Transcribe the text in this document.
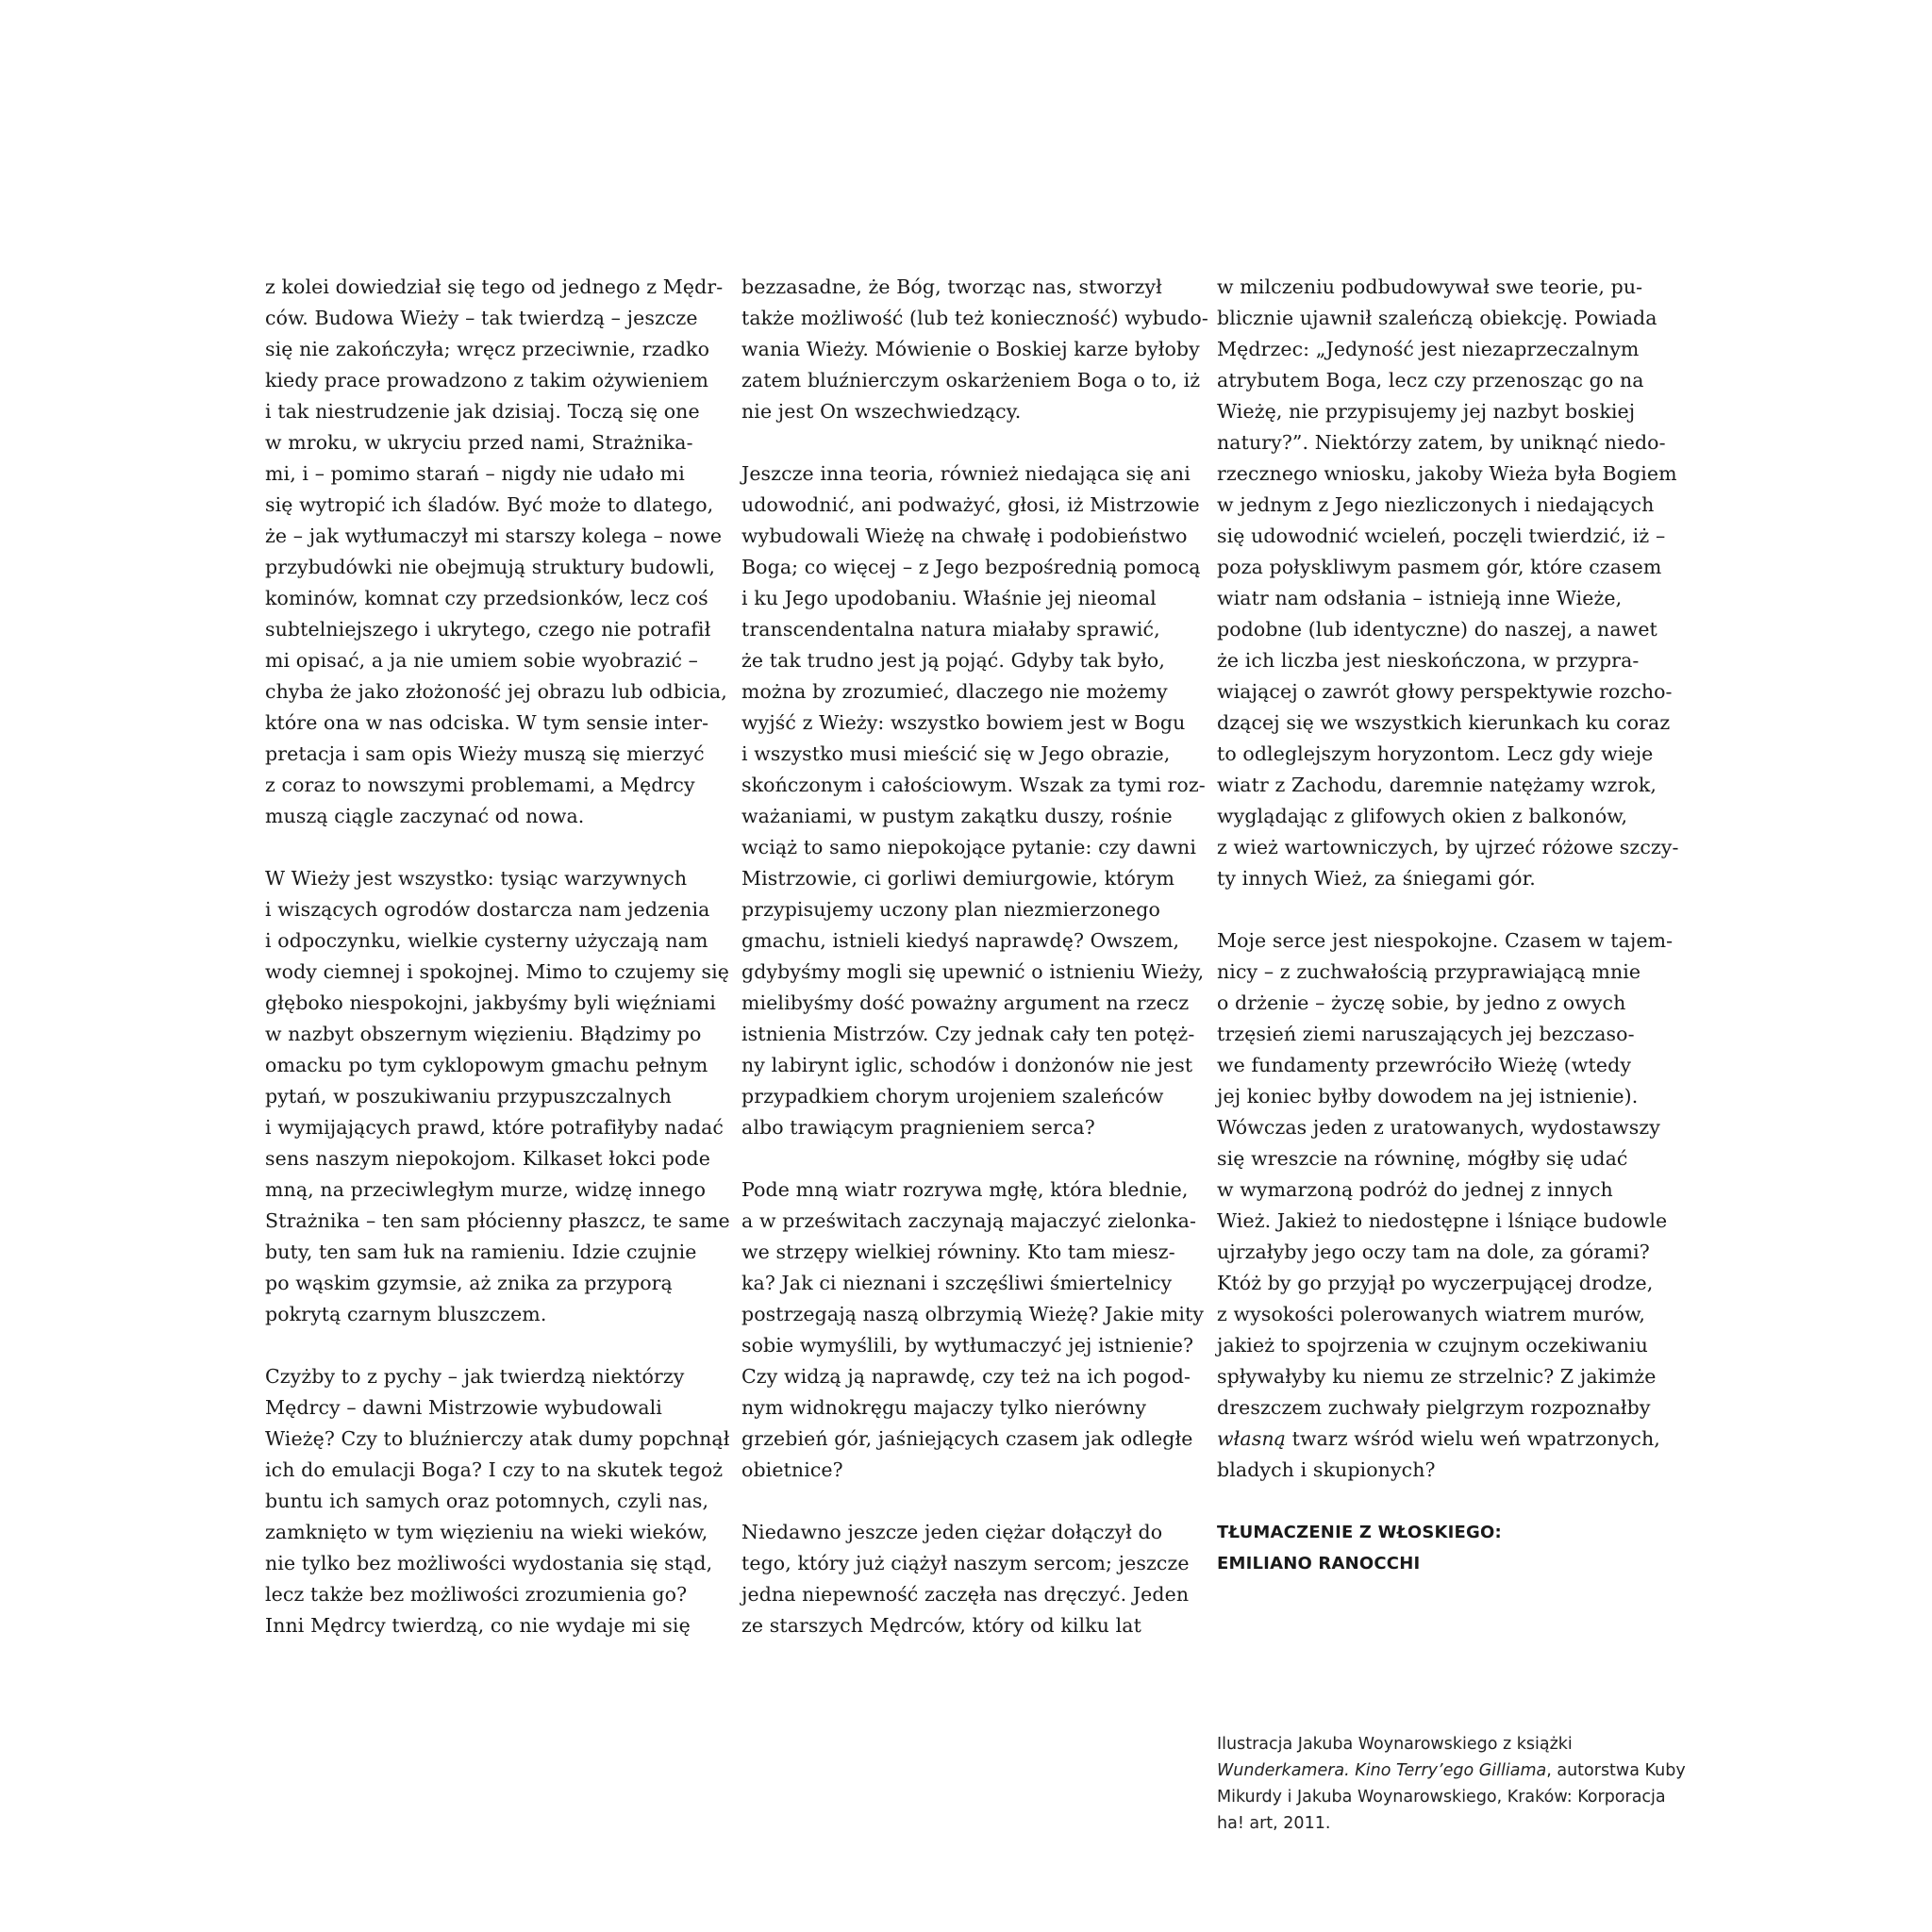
z kolei dowiedział się tego od jednego z Mędr-
ców. Budowa Wieży – tak twierdzą – jeszcze
się nie zakończyła; wręcz przeciwnie, rzadko
kiedy prace prowadzono z takim ożywieniem
i tak niestrudzenie jak dzisiaj. Toczą się one
w mroku, w ukryciu przed nami, Strażnika-
mi, i – pomimo starań – nigdy nie udało mi
się wytropić ich śladów. Być może to dlatego,
że – jak wytłumaczył mi starszy kolega – nowe
przybudówki nie obejmują struktury budowli,
kominów, komnat czy przedsionków, lecz coś
subtelniejszego i ukrytego, czego nie potrafił
mi opisać, a ja nie umiem sobie wyobrazić –
chyba że jako złożoność jej obrazu lub odbicia,
które ona w nas odciska. W tym sensie inter-
pretacja i sam opis Wieży muszą się mierzyć
z coraz to nowszymi problemami, a Mędrcy
muszą ciągle zaczynać od nowa.
W Wieży jest wszystko: tysiąc warzywnych
i wiszących ogrodów dostarcza nam jedzenia
i odpoczynku, wielkie cysterny użyczają nam
wody ciemnej i spokojnej. Mimo to czujemy się
głęboko niespokojni, jakbyśmy byli więźniami
w nazbyt obszernym więzieniu. Błądzimy po
omacku po tym cyklopowym gmachu pełnym
pytań, w poszukiwaniu przypuszczalnych
i wymijających prawd, które potrafiłyby nadać
sens naszym niepokojom. Kilkaset łokci pode
mną, na przeciwległym murze, widzę innego
Strażnika – ten sam płócienny płaszcz, te same
buty, ten sam łuk na ramieniu. Idzie czujnie
po wąskim gzymsie, aż znika za przyporą
pokrytą czarnym bluszczem.
Czyżby to z pychy – jak twierdzą niektórzy
Mędrcy – dawni Mistrzowie wybudowali
Wieżę? Czy to bluźnierczy atak dumy popchnął
ich do emulacji Boga? I czy to na skutek tegoż
buntu ich samych oraz potomnych, czyli nas,
zamknięto w tym więzieniu na wieki wieków,
nie tylko bez możliwości wydostania się stąd,
lecz także bez możliwości zrozumienia go?
Inni Mędrcy twierdzą, co nie wydaje mi się
bezzasadne, że Bóg, tworząc nas, stworzył
także możliwość (lub też konieczność) wybudo-
wania Wieży. Mówienie o Boskiej karze byłoby
zatem bluźnierczym oskarżeniem Boga o to, iż
nie jest On wszechwiedzący.
Jeszcze inna teoria, również niedająca się ani
udowodnić, ani podważyć, głosi, iż Mistrzowie
wybudowali Wieżę na chwałę i podobieństwo
Boga; co więcej – z Jego bezpośrednią pomocą
i ku Jego upodobaniu. Właśnie jej nieomal
transcendentalna natura miałaby sprawić,
że tak trudno jest ją pojąć. Gdyby tak było,
można by zrozumieć, dlaczego nie możemy
wyjść z Wieży: wszystko bowiem jest w Bogu
i wszystko musi mieścić się w Jego obrazie,
skończonym i całościowym. Wszak za tymi roz-
ważaniami, w pustym zakątku duszy, rośnie
wciąż to samo niepokojące pytanie: czy dawni
Mistrzowie, ci gorliwi demiurgowie, którym
przypisujemy uczony plan niezmierzonego
gmachu, istnieli kiedyś naprawdę? Owszem,
gdybyśmy mogli się upewnić o istnieniu Wieży,
mielibyśmy dość poważny argument na rzecz
istnienia Mistrzów. Czy jednak cały ten potęż-
ny labirynt iglic, schodów i donżonów nie jest
przypadkiem chorym urojeniem szaleńców
albo trawiącym pragnieniem serca?
Pode mną wiatr rozrywa mgłę, która blednie,
a w prześwitach zaczynają majaczyć zielonka-
we strzępy wielkiej równiny. Kto tam miesz-
ka? Jak ci nieznani i szczęśliwi śmiertelnicy
postrzegają naszą olbrzymią Wieżę? Jakie mity
sobie wymyślili, by wytłumaczyć jej istnienie?
Czy widzą ją naprawdę, czy też na ich pogod-
nym widnokręgu majaczy tylko nierówny
grzebień gór, jaśniejących czasem jak odległe
obietnice?
Niedawno jeszcze jeden ciężar dołączył do
tego, który już ciążył naszym sercom; jeszcze
jedna niepewność zaczęła nas dręczyć. Jeden
ze starszych Mędrców, który od kilku lat
w milczeniu podbudowywał swe teorie, pu-
blicznie ujawnił szaleńczą obiekcję. Powiada
Mędrzec: „Jedyność jest niezaprzeczalnym
atrybutem Boga, lecz czy przenosząc go na
Wieżę, nie przypisujemy jej nazbyt boskiej
natury?”. Niektórzy zatem, by uniknąć niedo-
rzecznego wniosku, jakoby Wieża była Bogiem
w jednym z Jego niezliczonych i niedających
się udowodnić wcieleń, poczęli twierdzić, iż –
poza połyskliwym pasmem gór, które czasem
wiatr nam odsłania – istnieją inne Wieże,
podobne (lub identyczne) do naszej, a nawet
że ich liczba jest nieskończona, w przypra-
wiającej o zawrót głowy perspektywie rozcho-
dzącej się we wszystkich kierunkach ku coraz
to odleglejszym horyzontom. Lecz gdy wieje
wiatr z Zachodu, daremnie natężamy wzrok,
wyglądając z glifowych okien z balkonów,
z wież wartowniczych, by ujrzeć różowe szczy-
ty innych Wież, za śniegami gór.
Moje serce jest niespokojne. Czasem w tajem-
nicy – z zuchwałością przyprawiającą mnie
o drżenie – życzę sobie, by jedno z owych
trzęsień ziemi naruszających jej bezczaso-
we fundamenty przewróciło Wieżę (wtedy
jej koniec byłby dowodem na jej istnienie).
Wówczas jeden z uratowanych, wydostawszy
się wreszcie na równinę, mógłby się udać
w wymarzoną podróż do jednej z innych
Wież. Jakież to niedostępne i lśniące budowle
ujrzałyby jego oczy tam na dole, za górami?
Któż by go przyjął po wyczerpującej drodze,
z wysokości polerowanych wiatrem murów,
jakież to spojrzenia w czujnym oczekiwaniu
spływałyby ku niemu ze strzelnic? Z jakimże
dreszczem zuchwały pielgrzym rozpoznałby
własną twarz wśród wielu weń wpatrzonych,
bladych i skupionych?
TŁUMACZENIE Z WŁOSKIEGO:
EMILIANO RANOCCHI
Ilustracja Jakuba Woynarowskiego z książki
Wunderkamera. Kino Terry’ego Gilliama, autorstwa Kuby
Mikurdy i Jakuba Woynarowskiego, Kraków: Korporacja
ha! art, 2011.
